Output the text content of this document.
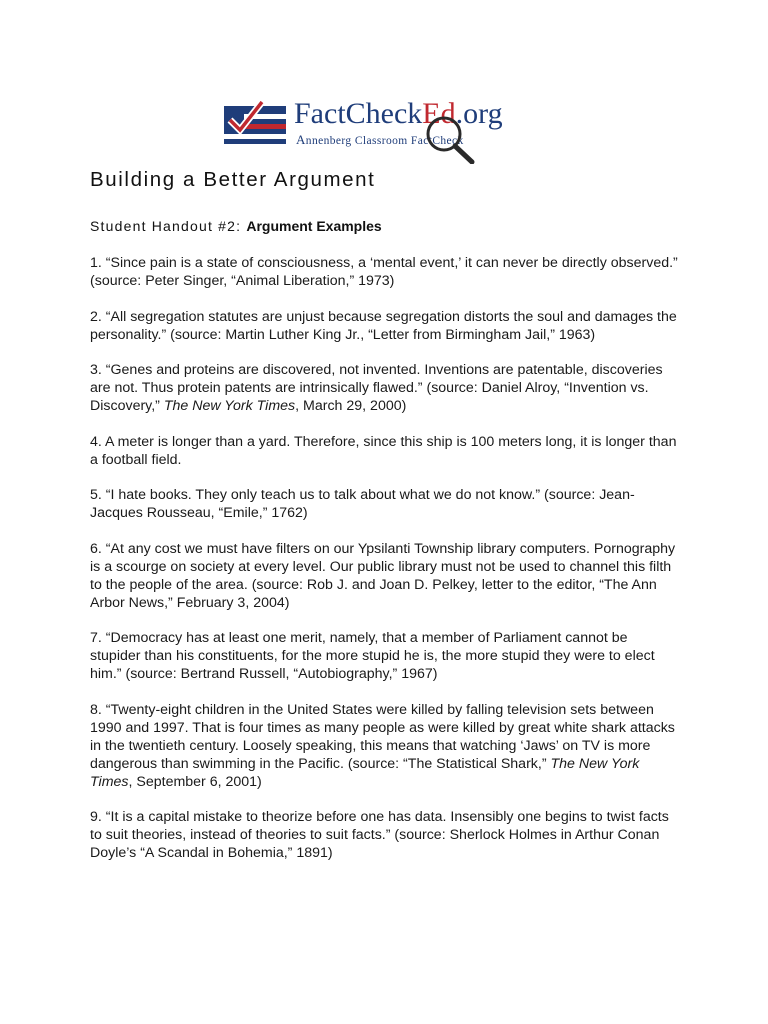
FactCheckEd.org
Annenberg Classroom FactCheck
Building a Better Argument
Student Handout #2: Argument Examples

1. “Since pain is a state of consciousness, a ‘mental event,’ it can never be directly observed.” (source: Peter Singer, “Animal Liberation,” 1973)

2. “All segregation statutes are unjust because segregation distorts the soul and damages the personality.” (source: Martin Luther King Jr., “Letter from Birmingham Jail,” 1963)

3. “Genes and proteins are discovered, not invented. Inventions are patentable, discoveries are not. Thus protein patents are intrinsically flawed.” (source: Daniel Alroy, “Invention vs. Discovery,” The New York Times, March 29, 2000)

4. A meter is longer than a yard. Therefore, since this ship is 100 meters long, it is longer than a football field.

5. “I hate books. They only teach us to talk about what we do not know.” (source: Jean-Jacques Rousseau, “Emile,” 1762)

6. “At any cost we must have filters on our Ypsilanti Township library computers. Pornography is a scourge on society at every level. Our public library must not be used to channel this filth to the people of the area. (source: Rob J. and Joan D. Pelkey, letter to the editor, “The Ann Arbor News,” February 3, 2004)

7. “Democracy has at least one merit, namely, that a member of Parliament cannot be stupider than his constituents, for the more stupid he is, the more stupid they were to elect him.” (source: Bertrand Russell, “Autobiography,” 1967)

8. “Twenty-eight children in the United States were killed by falling television sets between 1990 and 1997. That is four times as many people as were killed by great white shark attacks in the twentieth century. Loosely speaking, this means that watching ‘Jaws’ on TV is more dangerous than swimming in the Pacific. (source: “The Statistical Shark,” The New York Times, September 6, 2001)

9. “It is a capital mistake to theorize before one has data. Insensibly one begins to twist facts to suit theories, instead of theories to suit facts.” (source: Sherlock Holmes in Arthur Conan Doyle’s “A Scandal in Bohemia,” 1891)
